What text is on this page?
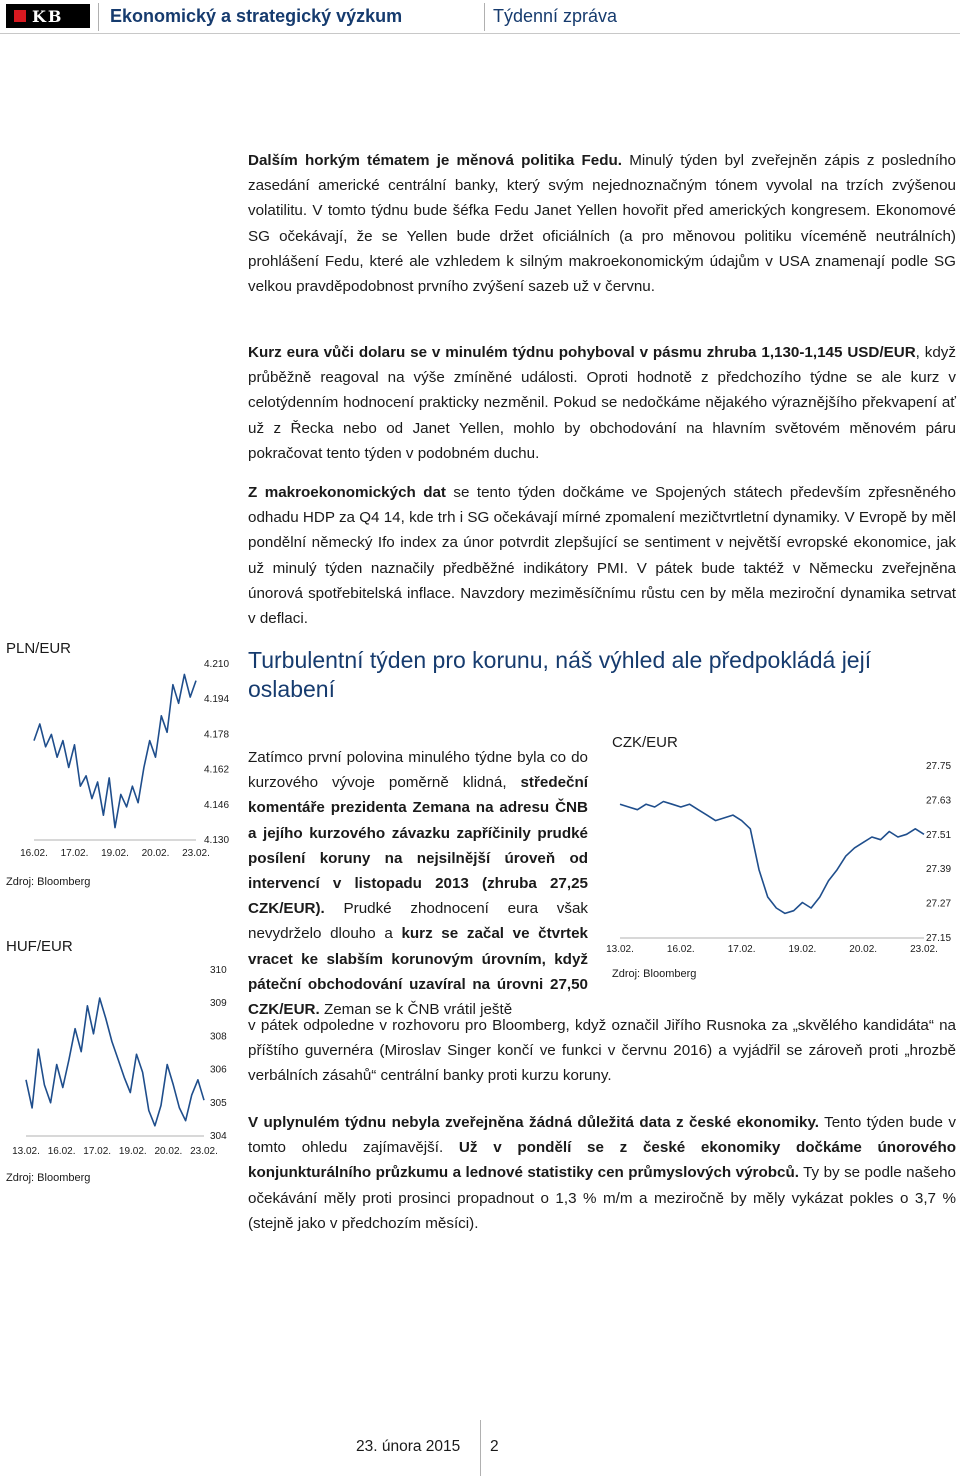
KB	Ekonomický a strategický výzkum	Týdenní zpráva

Dalším horkým tématem je měnová politika Fedu. Minulý týden byl zveřejněn zápis z posledního zasedání americké centrální banky, který svým nejednoznačným tónem vyvolal na trzích zvýšenou volatilitu. V tomto týdnu bude šéfka Fedu Janet Yellen hovořit před amerických kongresem. Ekonomové SG očekávají, že se Yellen bude držet oficiálních (a pro měnovou politiku víceméně neutrálních) prohlášení Fedu, které ale vzhledem k silným makroekonomickým údajům v USA znamenají podle SG velkou pravděpodobnost prvního zvýšení sazeb už v červnu.

Kurz eura vůči dolaru se v minulém týdnu pohyboval v pásmu zhruba 1,130-1,145 USD/EUR, když průběžně reagoval na výše zmíněné události. Oproti hodnotě z předchozího týdne se ale kurz v celotýdenním hodnocení prakticky nezměnil. Pokud se nedočkáme nějakého výraznějšího překvapení ať už z Řecka nebo od Janet Yellen, mohlo by obchodování na hlavním světovém měnovém páru pokračovat tento týden v podobném duchu.

Z makroekonomických dat se tento týden dočkáme ve Spojených státech především zpřesněného odhadu HDP za Q4 14, kde trh i SG očekávají mírné zpomalení mezičtvrtletní dynamiky. V Evropě by měl pondělní německý Ifo index za únor potvrdit zlepšující se sentiment v největší evropské ekonomice, jak už minulý týden naznačily předběžné indikátory PMI. V pátek bude taktéž v Německu zveřejněna únorová spotřebitelská inflace. Navzdory meziměsíčnímu růstu cen by měla meziroční dynamika setrvat v deflaci.

Turbulentní týden pro korunu, náš výhled ale předpokládá její oslabení

Zatímco první polovina minulého týdne byla co do kurzového vývoje poměrně klidná, středeční komentáře prezidenta Zemana na adresu ČNB a jejího kurzového závazku zapříčinily prudké posílení koruny na nejsilnější úroveň od intervencí v listopadu 2013 (zhruba 27,25 CZK/EUR). Prudké zhodnocení eura však nevydrželo dlouho a kurz se začal ve čtvrtek vracet ke slabším korunovým úrovním, když páteční obchodování uzavíral na úrovni 27,50 CZK/EUR. Zeman se k ČNB vrátil ještě

v pátek odpoledne v rozhovoru pro Bloomberg, když označil Jiřího Rusnoka za „skvělého kandidáta“ na příštího guvernéra (Miroslav Singer končí ve funkci v červnu 2016) a vyjádřil se zároveň proti „hrozbě verbálních zásahů“ centrální banky proti kurzu koruny.

V uplynulém týdnu nebyla zveřejněna žádná důležitá data z české ekonomiky. Tento týden bude v tomto ohledu zajímavější. Už v pondělí se z české ekonomiky dočkáme únorového konjunkturálního průzkumu a lednové statistiky cen průmyslových výrobců. Ty by se podle našeho očekávání měly proti prosinci propadnout o 1,3 % m/m a meziročně by měly vykázat pokles o 3,7 % (stejně jako v předchozím měsíci).

PLN/EUR
4.210
4.194
4.178
4.162
4.146
4.130
16.02. 17.02. 19.02. 20.02. 23.02.
Zdroj: Bloomberg
HUF/EUR
310
309
308
306
305
304
13.02. 16.02. 17.02. 19.02. 20.02. 23.02.
Zdroj: Bloomberg
CZK/EUR
27.75
27.63
27.51
27.39
27.27
27.15
13.02.	16.02.	17.02.	19.02.	20.02.	23.02.
Zdroj: Bloomberg
23. února 2015 2
